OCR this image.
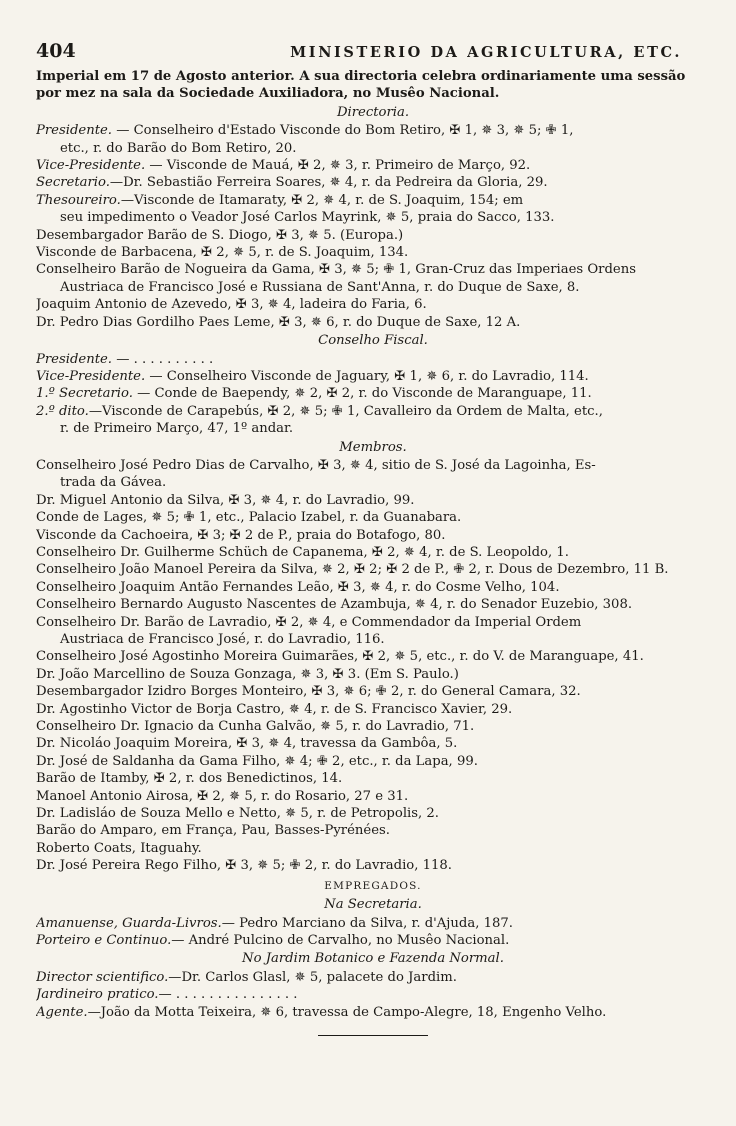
404	MINISTERIO DA AGRICULTURA, ETC.
Imperial em 17 de Agosto anterior. A sua directoria celebra ordinariamente uma sessão
por mez na sala da Sociedade Auxiliadora, no Musêo Nacional.
Directoria.
Presidente. — Conselheiro d'Estado Visconde do Bom Retiro, ✠ 1, ✵ 3, ✵ 5; ✙ 1,
etc., r. do Barão do Bom Retiro, 20.
Vice-Presidente. — Visconde de Mauá, ✠ 2, ✵ 3, r. Primeiro de Março, 92.
Secretario.—Dr. Sebastião Ferreira Soares, ✵ 4, r. da Pedreira da Gloria, 29.
Thesoureiro.—Visconde de Itamaraty, ✠ 2, ✵ 4, r. de S. Joaquim, 154; em
seu impedimento o Veador José Carlos Mayrink, ✵ 5, praia do Sacco, 133.
Desembargador Barão de S. Diogo, ✠ 3, ✵ 5. (Europa.)
Visconde de Barbacena, ✠ 2, ✵ 5, r. de S. Joaquim, 134.
Conselheiro Barão de Nogueira da Gama, ✠ 3, ✵ 5; ✙ 1, Gran-Cruz das Imperiaes Ordens
Austriaca de Francisco José e Russiana de Sant'Anna, r. do Duque de Saxe, 8.
Joaquim Antonio de Azevedo, ✠ 3, ✵ 4, ladeira do Faria, 6.
Dr. Pedro Dias Gordilho Paes Leme, ✠ 3, ✵ 6, r. do Duque de Saxe, 12 A.
Conselho Fiscal.
Presidente. — . . . . . . . . . .
Vice-Presidente. — Conselheiro Visconde de Jaguary, ✠ 1, ✵ 6, r. do Lavradio, 114.
1.º Secretario. — Conde de Baependy, ✵ 2, ✠ 2, r. do Visconde de Maranguape, 11.
2.º dito.—Visconde de Carapebús, ✠ 2, ✵ 5; ✙ 1, Cavalleiro da Ordem de Malta, etc.,
r. de Primeiro Março, 47, 1º andar.
Membros.
Conselheiro José Pedro Dias de Carvalho, ✠ 3, ✵ 4, sitio de S. José da Lagoinha, Es-
trada da Gávea.
Dr. Miguel Antonio da Silva, ✠ 3, ✵ 4, r. do Lavradio, 99.
Conde de Lages, ✵ 5; ✙ 1, etc., Palacio Izabel, r. da Guanabara.
Visconde da Cachoeira, ✠ 3; ✠ 2 de P., praia do Botafogo, 80.
Conselheiro Dr. Guilherme Schüch de Capanema, ✠ 2, ✵ 4, r. de S. Leopoldo, 1.
Conselheiro João Manoel Pereira da Silva, ✵ 2, ✠ 2; ✠ 2 de P., ✙ 2, r. Dous de Dezembro, 11 B.
Conselheiro Joaquim Antão Fernandes Leão, ✠ 3, ✵ 4, r. do Cosme Velho, 104.
Conselheiro Bernardo Augusto Nascentes de Azambuja, ✵ 4, r. do Senador Euzebio, 308.
Conselheiro Dr. Barão de Lavradio, ✠ 2, ✵ 4, e Commendador da Imperial Ordem
Austriaca de Francisco José, r. do Lavradio, 116.
Conselheiro José Agostinho Moreira Guimarães, ✠ 2, ✵ 5, etc., r. do V. de Maranguape, 41.
Dr. João Marcellino de Souza Gonzaga, ✵ 3, ✠ 3. (Em S. Paulo.)
Desembargador Izidro Borges Monteiro, ✠ 3, ✵ 6; ✙ 2, r. do General Camara, 32.
Dr. Agostinho Victor de Borja Castro, ✵ 4, r. de S. Francisco Xavier, 29.
Conselheiro Dr. Ignacio da Cunha Galvão, ✵ 5, r. do Lavradio, 71.
Dr. Nicoláo Joaquim Moreira, ✠ 3, ✵ 4, travessa da Gambôa, 5.
Dr. José de Saldanha da Gama Filho, ✵ 4; ✙ 2, etc., r. da Lapa, 99.
Barão de Itamby, ✠ 2, r. dos Benedictinos, 14.
Manoel Antonio Airosa, ✠ 2, ✵ 5, r. do Rosario, 27 e 31.
Dr. Ladisláo de Souza Mello e Netto, ✵ 5, r. de Petropolis, 2.
Barão do Amparo, em França, Pau, Basses-Pyrénées.
Roberto Coats, Itaguahy.
Dr. José Pereira Rego Filho, ✠ 3, ✵ 5; ✙ 2, r. do Lavradio, 118.
EMPREGADOS.
Na Secretaria.
Amanuense, Guarda-Livros.— Pedro Marciano da Silva, r. d'Ajuda, 187.
Porteiro e Continuo.— André Pulcino de Carvalho, no Musêo Nacional.
No Jardim Botanico e Fazenda Normal.
Director scientifico.—Dr. Carlos Glasl, ✵ 5, palacete do Jardim.
Jardineiro pratico.— . . . . . . . . . . . . . . .
Agente.—João da Motta Teixeira, ✵ 6, travessa de Campo-Alegre, 18, Engenho Velho.
